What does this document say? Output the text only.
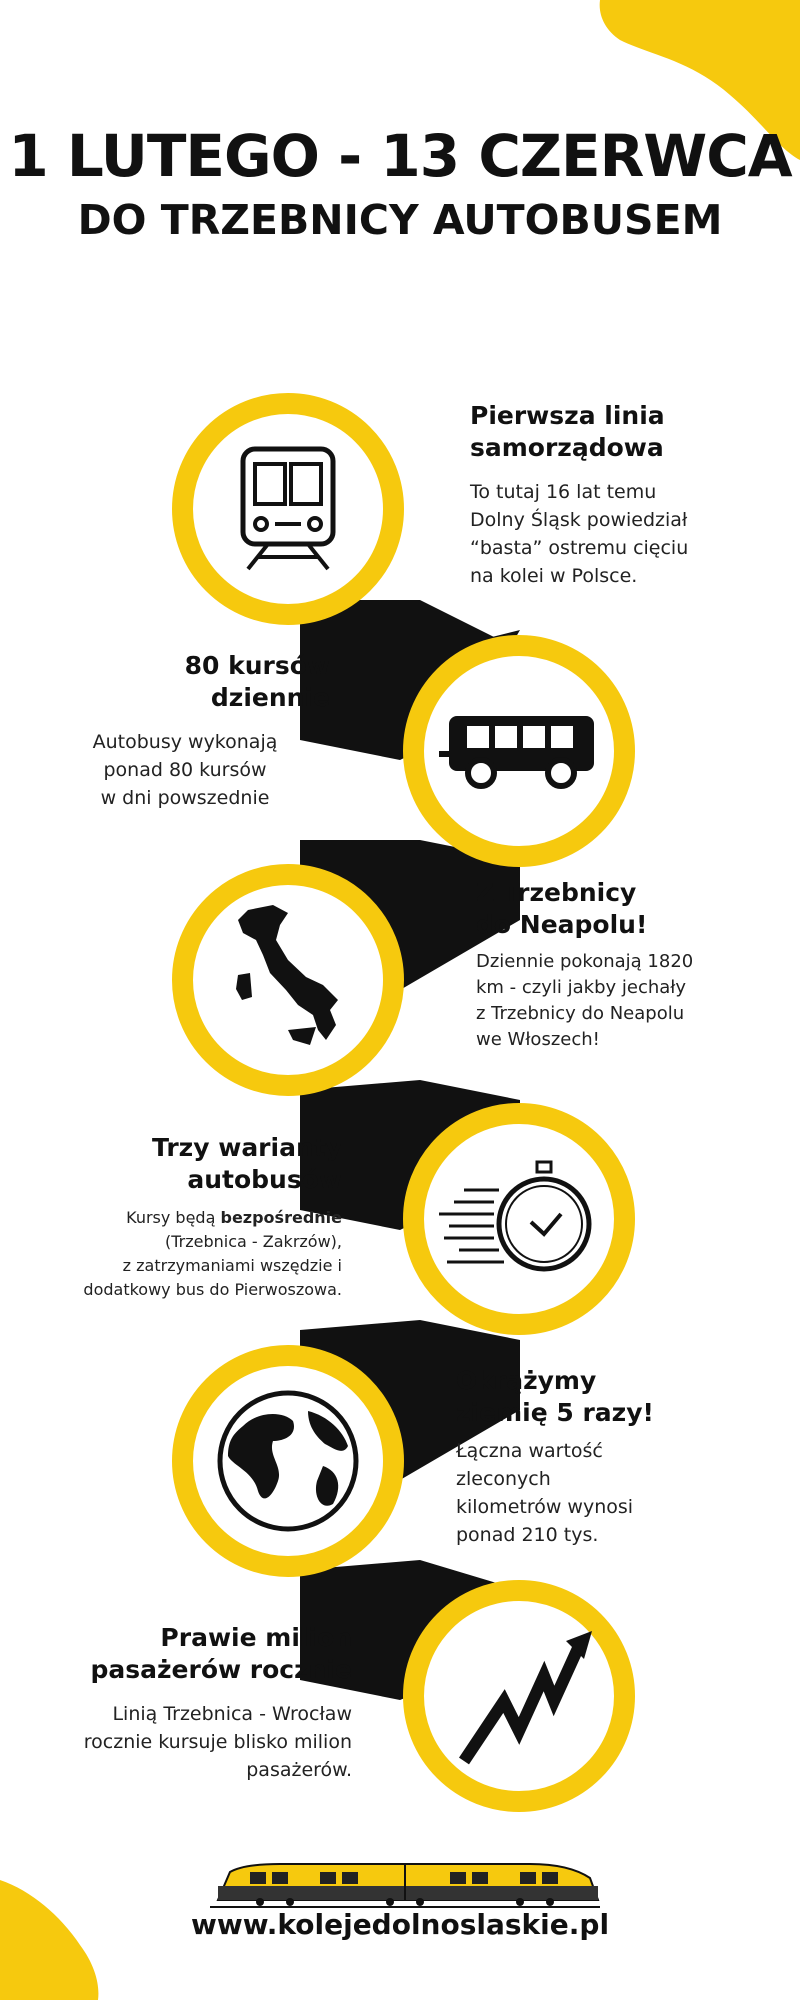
1 LUTEGO - 13 CZERWCA
DO TRZEBNICY AUTOBUSEM
Pierwsza linia
samorządowa

To tutaj 16 lat temu
Dolny Śląsk powiedział
“basta” ostremu cięciu
na kolei w Polsce.

80 kursów
dziennie

Autobusy wykonają
ponad 80 kursów
w dni powszednie

Z Trzebnicy
do Neapolu!

Dziennie pokonają 1820
km - czyli jakby jechały
z Trzebnicy do Neapolu
we Włoszech!

Trzy warianty
autobusów

Kursy będą bezpośrednie
(Trzebnica - Zakrzów),
z zatrzymaniami wszędzie i
dodatkowy bus do Pierwoszowa.

Okrążymy
ziemię 5 razy!

Łączna wartość
zleconych
kilometrów wynosi
ponad 210 tys.

Prawie milion
pasażerów rocznie

Linią Trzebnica - Wrocław
rocznie kursuje blisko milion
pasażerów.

www.kolejedolnoslaskie.pl
